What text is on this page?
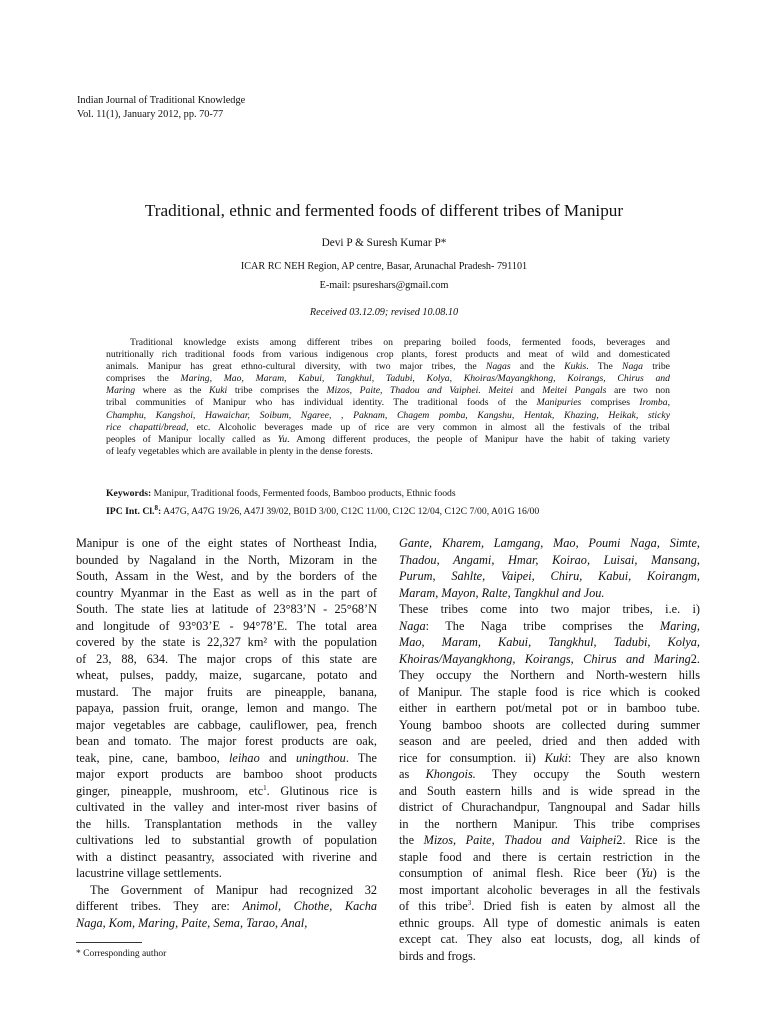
Indian Journal of Traditional Knowledge
Vol. 11(1), January 2012, pp. 70-77
Traditional, ethnic and fermented foods of different tribes of Manipur
Devi P & Suresh Kumar P*
ICAR RC NEH Region, AP centre, Basar, Arunachal Pradesh- 791101
E-mail: psureshars@gmail.com
Received 03.12.09; revised 10.08.10
Traditional knowledge exists among different tribes on preparing boiled foods, fermented foods, beverages and
nutritionally rich traditional foods from various indigenous crop plants, forest products and meat of wild and domesticated
animals. Manipur has great ethno-cultural diversity, with two major tribes, the Nagas and the Kukis. The Naga tribe
comprises the Maring, Mao, Maram, Kabui, Tangkhul, Tadubi, Kolya, Khoiras/Mayangkhong, Koirangs, Chirus and
Maring where as the Kuki tribe comprises the Mizos, Paite, Thadou and Vaiphei. Meitei and Meitei Pangals are two non
tribal communities of Manipur who has individual identity. The traditional foods of the Manipuries comprises Iromba,
Champhu, Kangshoi, Hawaichar, Soibum, Ngaree, , Paknam, Chagem pomba, Kangshu, Hentak, Khazing, Heikak, sticky
rice chapatti/bread, etc. Alcoholic beverages made up of rice are very common in almost all the festivals of the tribal
peoples of Manipur locally called as Yu. Among different produces, the people of Manipur have the habit of taking variety
of leafy vegetables which are available in plenty in the dense forests.
Keywords: Manipur, Traditional foods, Fermented foods, Bamboo products, Ethnic foods
IPC Int. Cl.$^8$: A47G, A47G 19/26, A47J 39/02, B01D 3/00, C12C 11/00, C12C 12/04, C12C 7/00, A01G 16/00
Manipur is one of the eight states of Northeast India,
bounded by Nagaland in the North, Mizoram in the
South, Assam in the West, and by the borders of the
country Myanmar in the East as well as in the part of
South. The state lies at latitude of 23°83’N - 25°68’N
and longitude of 93°03’E - 94°78’E. The total area
covered by the state is 22,327 km² with the population
of 23, 88, 634. The major crops of this state are
wheat, pulses, paddy, maize, sugarcane, potato and
mustard. The major fruits are pineapple, banana,
papaya, passion fruit, orange, lemon and mango. The
major vegetables are cabbage, cauliflower, pea, french
bean and tomato. The major forest products are oak,
teak, pine, cane, bamboo, leihao and uningthou. The
major export products are bamboo shoot products
ginger, pineapple, mushroom, etc$^1$. Glutinous rice is
cultivated in the valley and inter-most river basins of
the hills. Transplantation methods in the valley
cultivations led to substantial growth of population
with a distinct peasantry, associated with riverine and
lacustrine village settlements.
The Government of Manipur had recognized 32
different tribes. They are: Animol, Chothe, Kacha
Naga, Kom, Maring, Paite, Sema, Tarao, Anal,
Gante, Kharem, Lamgang, Mao, Poumi Naga, Simte,
Thadou, Angami, Hmar, Koirao, Luisai, Mansang,
Purum, Sahlte, Vaipei, Chiru, Kabui, Koirangm,
Maram, Mayon, Ralte, Tangkhul and Jou.
These tribes come into two major tribes, i.e. i)
Naga: The Naga tribe comprises the Maring,
Mao, Maram, Kabui, Tangkhul, Tadubi, Kolya,
Khoiras/Mayangkhong, Koirangs, Chirus and Maring2.
They occupy the Northern and North-western hills
of Manipur. The staple food is rice which is cooked
either in earthern pot/metal pot or in bamboo tube.
Young bamboo shoots are collected during summer
season and are peeled, dried and then added with
rice for consumption. ii) Kuki: They are also known
as Khongois. They occupy the South western
and South eastern hills and is wide spread in the
district of Churachandpur, Tangnoupal and Sadar hills
in the northern Manipur. This tribe comprises
the Mizos, Paite, Thadou and Vaiphei2. Rice is the
staple food and there is certain restriction in the
consumption of animal flesh. Rice beer (Yu) is the
most important alcoholic beverages in all the festivals
of this tribe$^3$. Dried fish is eaten by almost all the
ethnic groups. All type of domestic animals is eaten
except cat. They also eat locusts, dog, all kinds of
birds and frogs.
* Corresponding author
